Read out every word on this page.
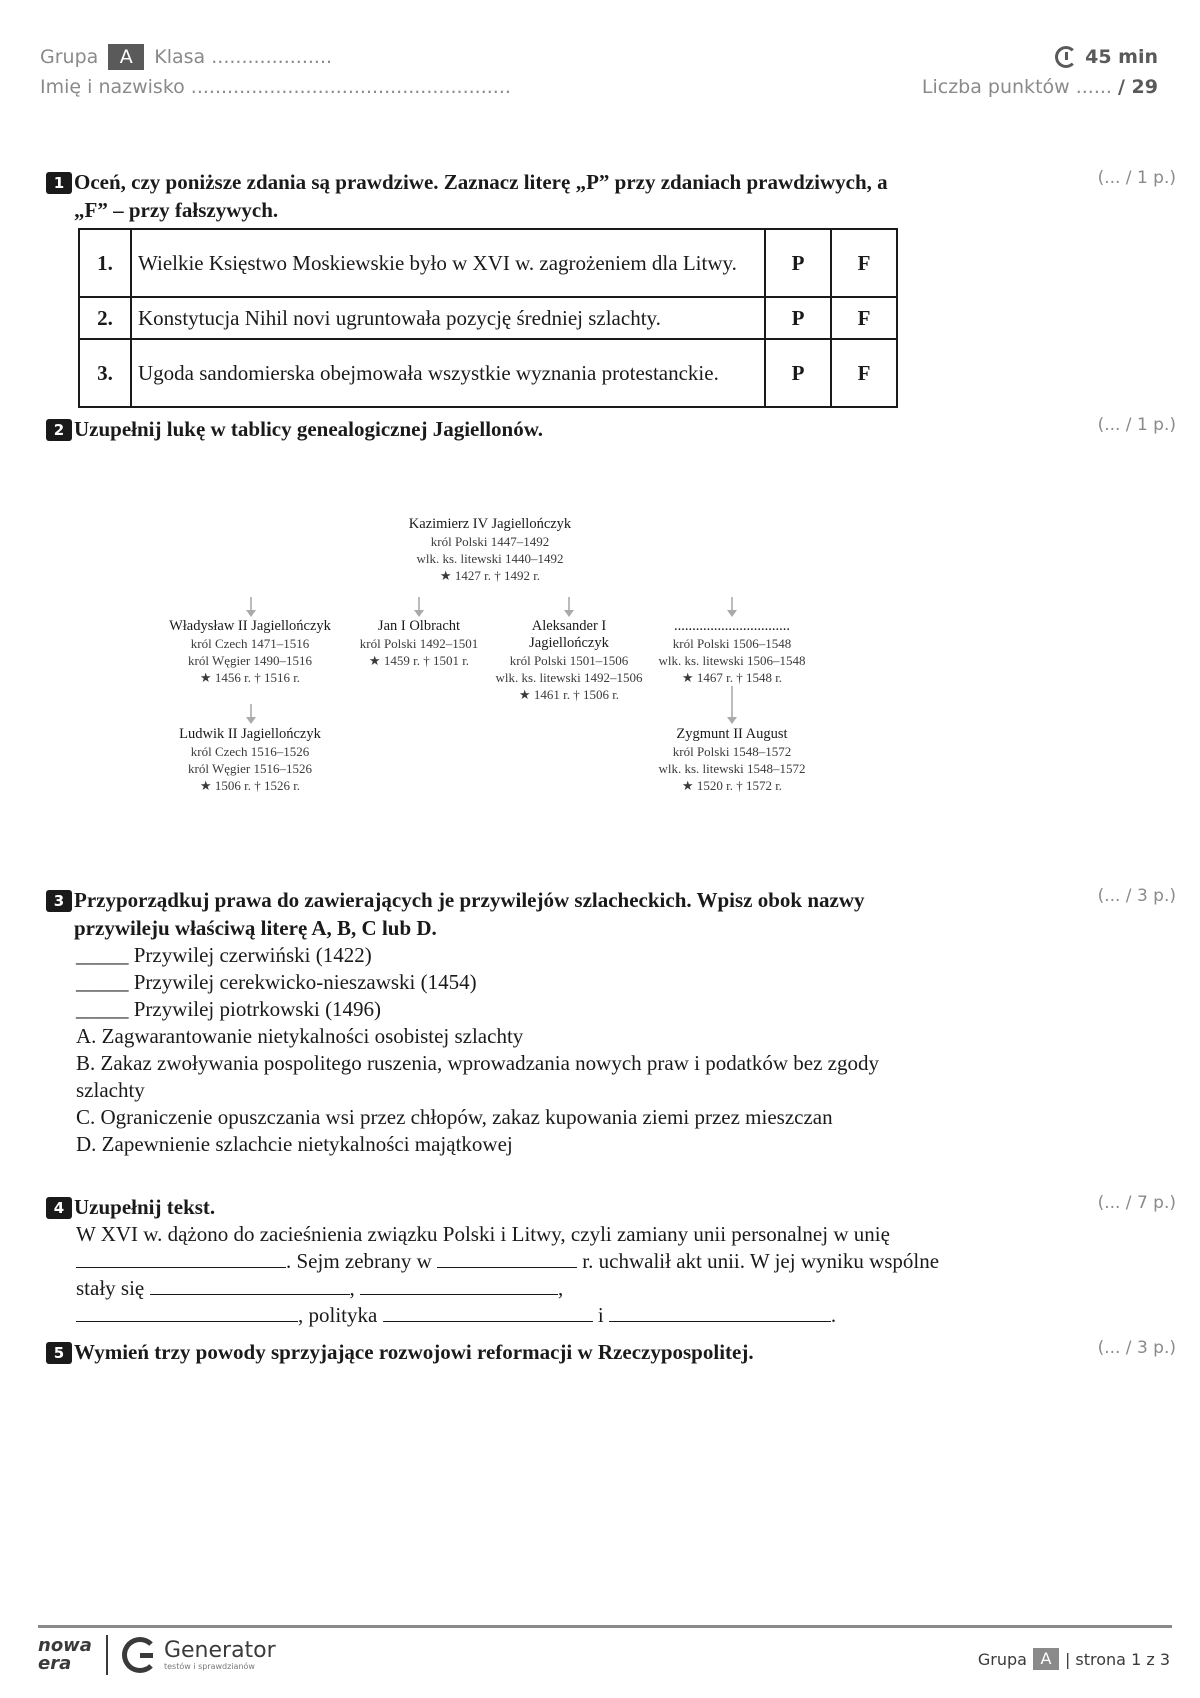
Grupa	A	Klasa ....................
Imię i nazwisko .....................................................
45 min
Liczba punktów ...... / 29
1 Oceń, czy poniższe zdania są prawdziwe. Zaznacz literę „P” przy zdaniach prawdziwych, a „F” – przy fałszywych.
(... / 1 p.)
1.	Wielkie Księstwo Moskiewskie było w XVI w. zagrożeniem dla Litwy.	P	F
2.	Konstytucja Nihil novi ugruntowała pozycję średniej szlachty.	P	F
3.	Ugoda sandomierska obejmowała wszystkie wyznania protestanckie.	P	F
2 Uzupełnij lukę w tablicy genealogicznej Jagiellonów.	(... / 1 p.)
Kazimierz IV Jagiellończyk
król Polski 1447–1492
wlk. ks. litewski 1440–1492
★ 1427 r. † 1492 r.
Władysław II Jagiellończyk
król Czech 1471–1516
król Węgier 1490–1516
★ 1456 r. † 1516 r.
Jan I Olbracht
król Polski 1492–1501
★ 1459 r. † 1501 r.
Aleksander I Jagiellończyk
król Polski 1501–1506
wlk. ks. litewski 1492–1506
★ 1461 r. † 1506 r.
................................
król Polski 1506–1548
wlk. ks. litewski 1506–1548
★ 1467 r. † 1548 r.
Ludwik II Jagiellończyk
król Czech 1516–1526
król Węgier 1516–1526
★ 1506 r. † 1526 r.
Zygmunt II August
król Polski 1548–1572
wlk. ks. litewski 1548–1572
★ 1520 r. † 1572 r.
3 Przyporządkuj prawa do zawierających je przywilejów szlacheckich. Wpisz obok nazwy przywileju właściwą literę A, B, C lub D.
(... / 3 p.)
_____ Przywilej czerwiński (1422)
_____ Przywilej cerekwicko-nieszawski (1454)
_____ Przywilej piotrkowski (1496)
A. Zagwarantowanie nietykalności osobistej szlachty
B. Zakaz zwoływania pospolitego ruszenia, wprowadzania nowych praw i podatków bez zgody szlachty
C. Ograniczenie opuszczania wsi przez chłopów, zakaz kupowania ziemi przez mieszczan
D. Zapewnienie szlachcie nietykalności majątkowej
4 Uzupełnij tekst.	(... / 7 p.)
W XVI w. dążono do zacieśnienia związku Polski i Litwy, czyli zamiany unii personalnej w unię . Sejm zebrany w	r. uchwalił akt unii. W jej wyniku wspólne stały się	,	,
, polityka	i	.
5 Wymień trzy powody sprzyjające rozwojowi reformacji w Rzeczypospolitej.	(... / 3 p.)
nowa
era
Generator
testów i sprawdzianów	Grupa A | strona 1 z 3
